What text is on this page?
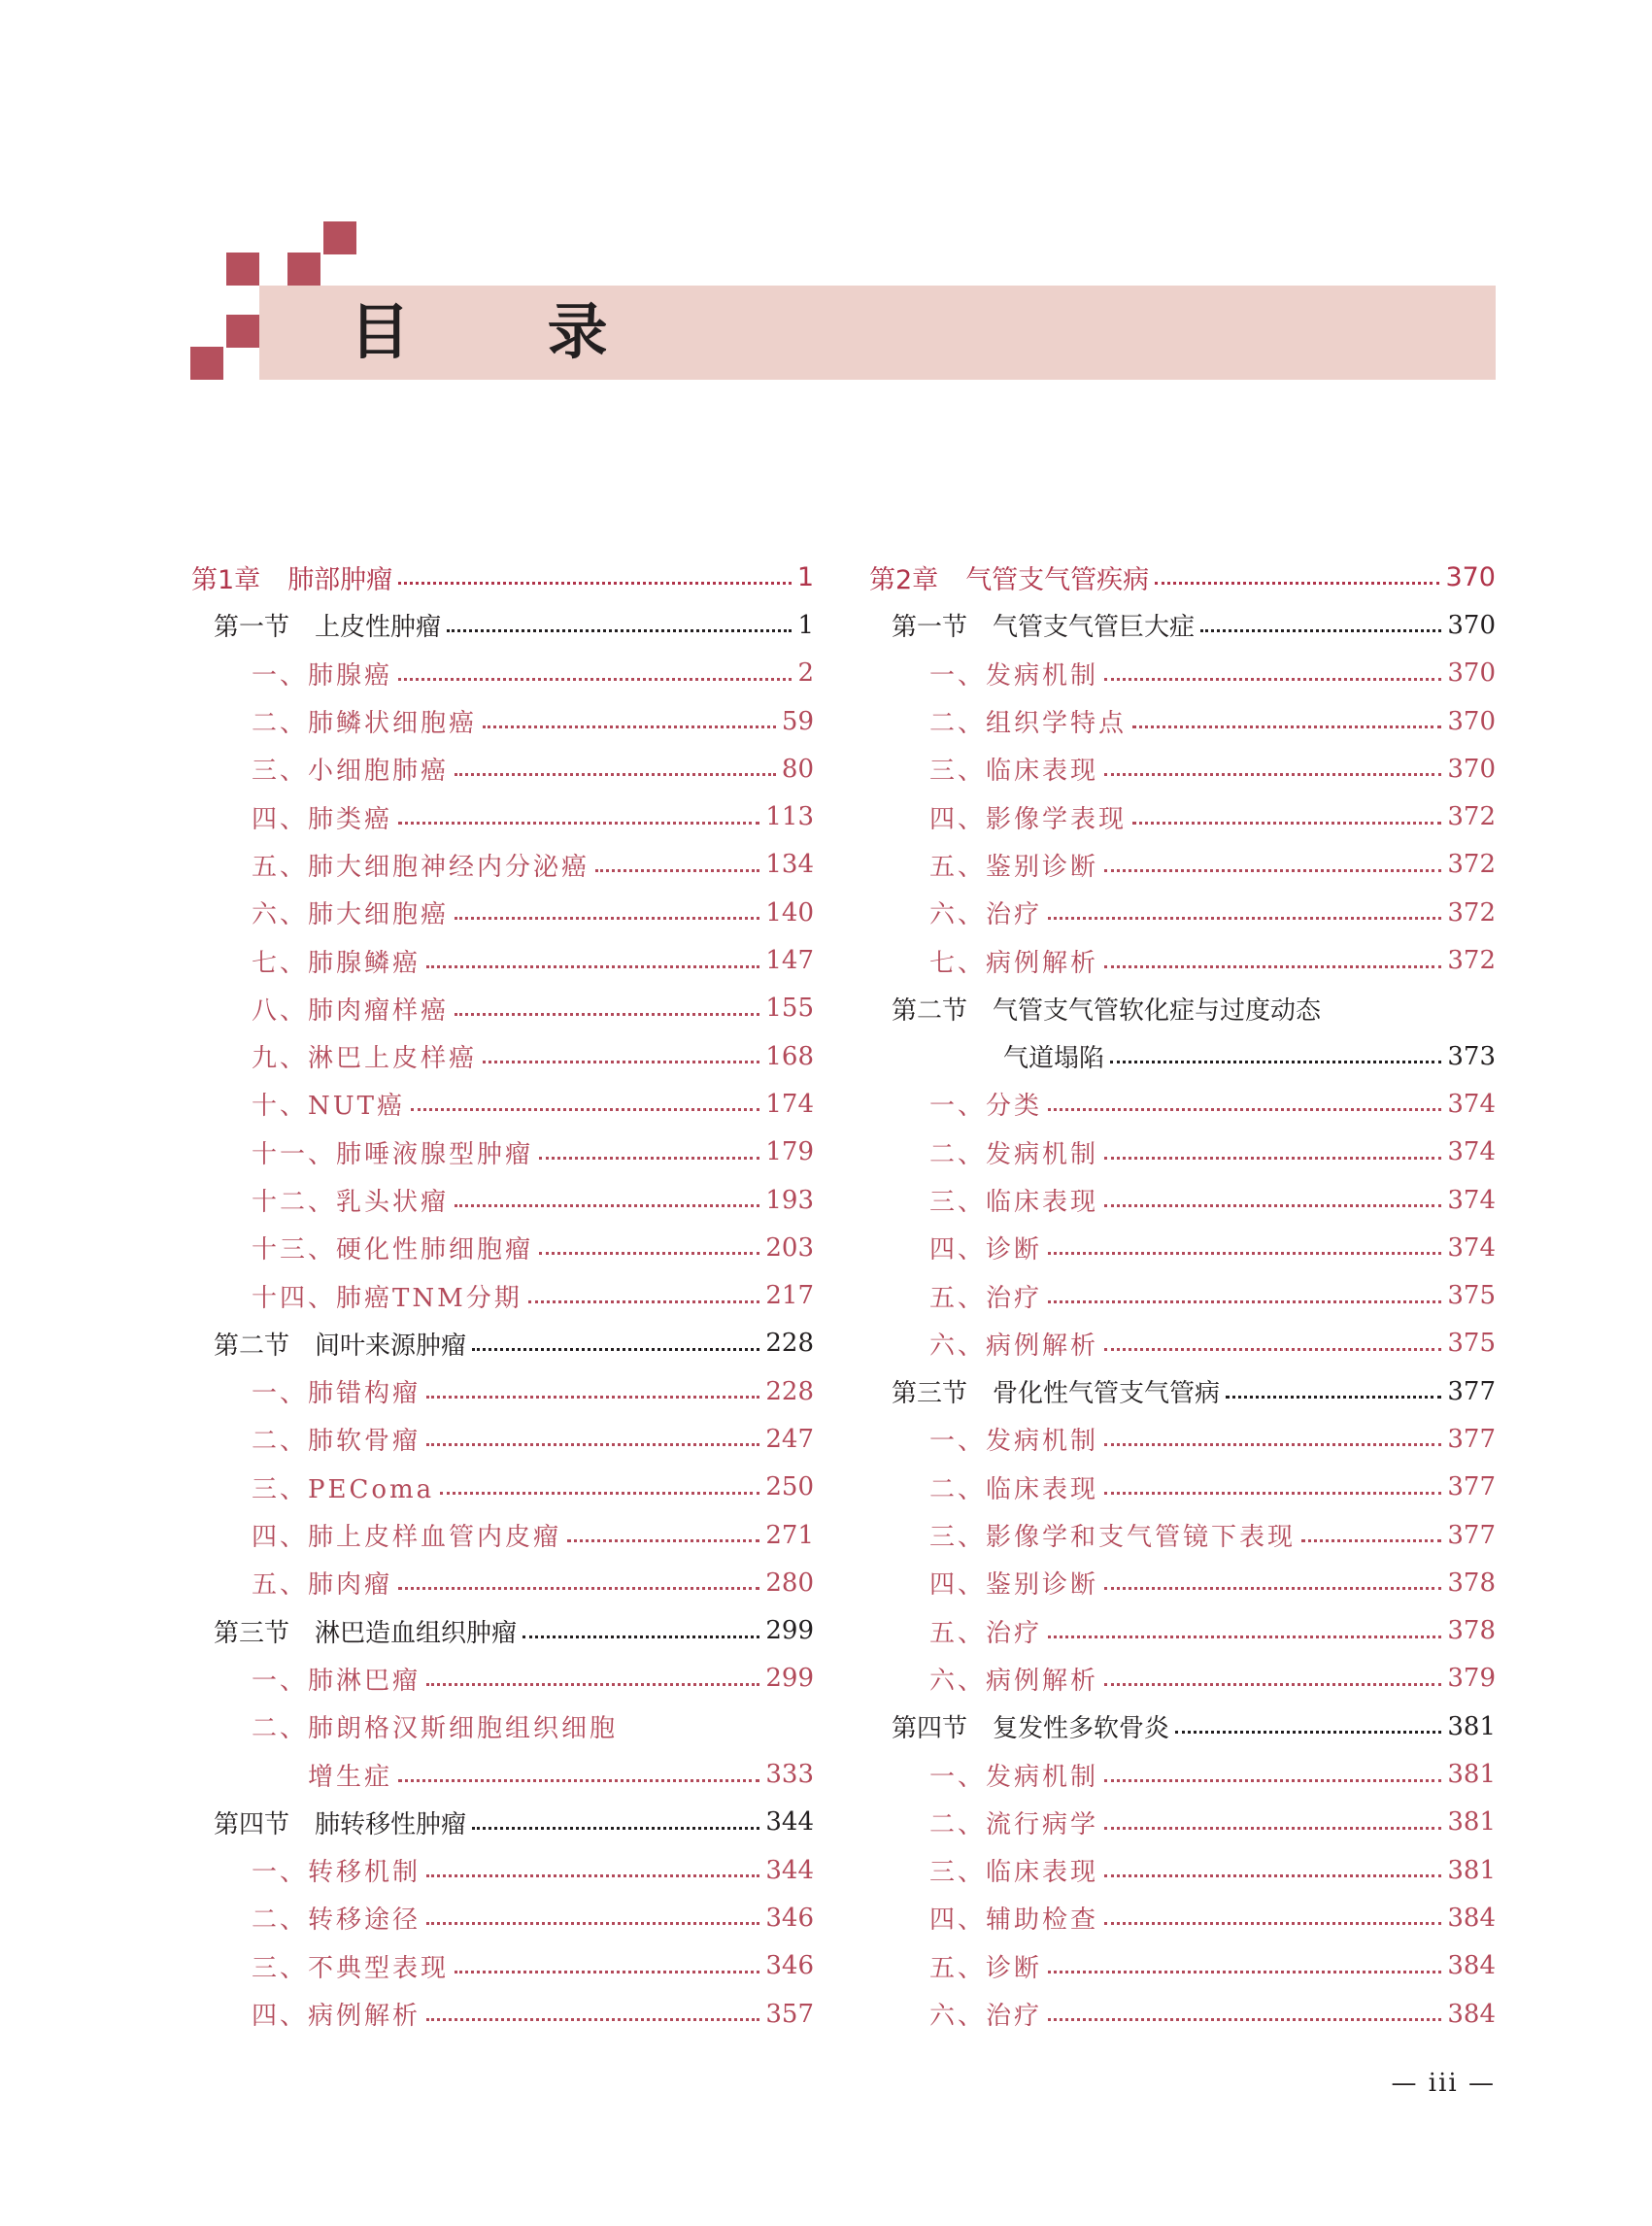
目 录
第1章 肺部肿瘤	1
第一节 上皮性肿瘤	1
一、肺腺癌	2
二、肺鳞状细胞癌	59
三、小细胞肺癌	80
四、肺类癌	113
五、肺大细胞神经内分泌癌	134
六、肺大细胞癌	140
七、肺腺鳞癌	147
八、肺肉瘤样癌	155
九、淋巴上皮样癌	168
十、NUT癌	174
十一、肺唾液腺型肿瘤	179
十二、乳头状瘤	193
十三、硬化性肺细胞瘤	203
十四、肺癌TNM分期	217
第二节 间叶来源肿瘤	228
一、肺错构瘤	228
二、肺软骨瘤	247
三、PEComa	250
四、肺上皮样血管内皮瘤	271
五、肺肉瘤	280
第三节 淋巴造血组织肿瘤	299
一、肺淋巴瘤	299
二、肺朗格汉斯细胞组织细胞
增生症	333
第四节 肺转移性肿瘤	344
一、转移机制	344
二、转移途径	346
三、不典型表现	346
四、病例解析	357
第2章 气管支气管疾病	370
第一节 气管支气管巨大症	370
一、发病机制	370
二、组织学特点	370
三、临床表现	370
四、影像学表现	372
五、鉴别诊断	372
六、治疗	372
七、病例解析	372
第二节 气管支气管软化症与过度动态
气道塌陷	373
一、分类	374
二、发病机制	374
三、临床表现	374
四、诊断	374
五、治疗	375
六、病例解析	375
第三节 骨化性气管支气管病	377
一、发病机制	377
二、临床表现	377
三、影像学和支气管镜下表现	377
四、鉴别诊断	378
五、治疗	378
六、病例解析	379
第四节 复发性多软骨炎	381
一、发病机制	381
二、流行病学	381
三、临床表现	381
四、辅助检查	384
五、诊断	384
六、治疗	384
— iii —
